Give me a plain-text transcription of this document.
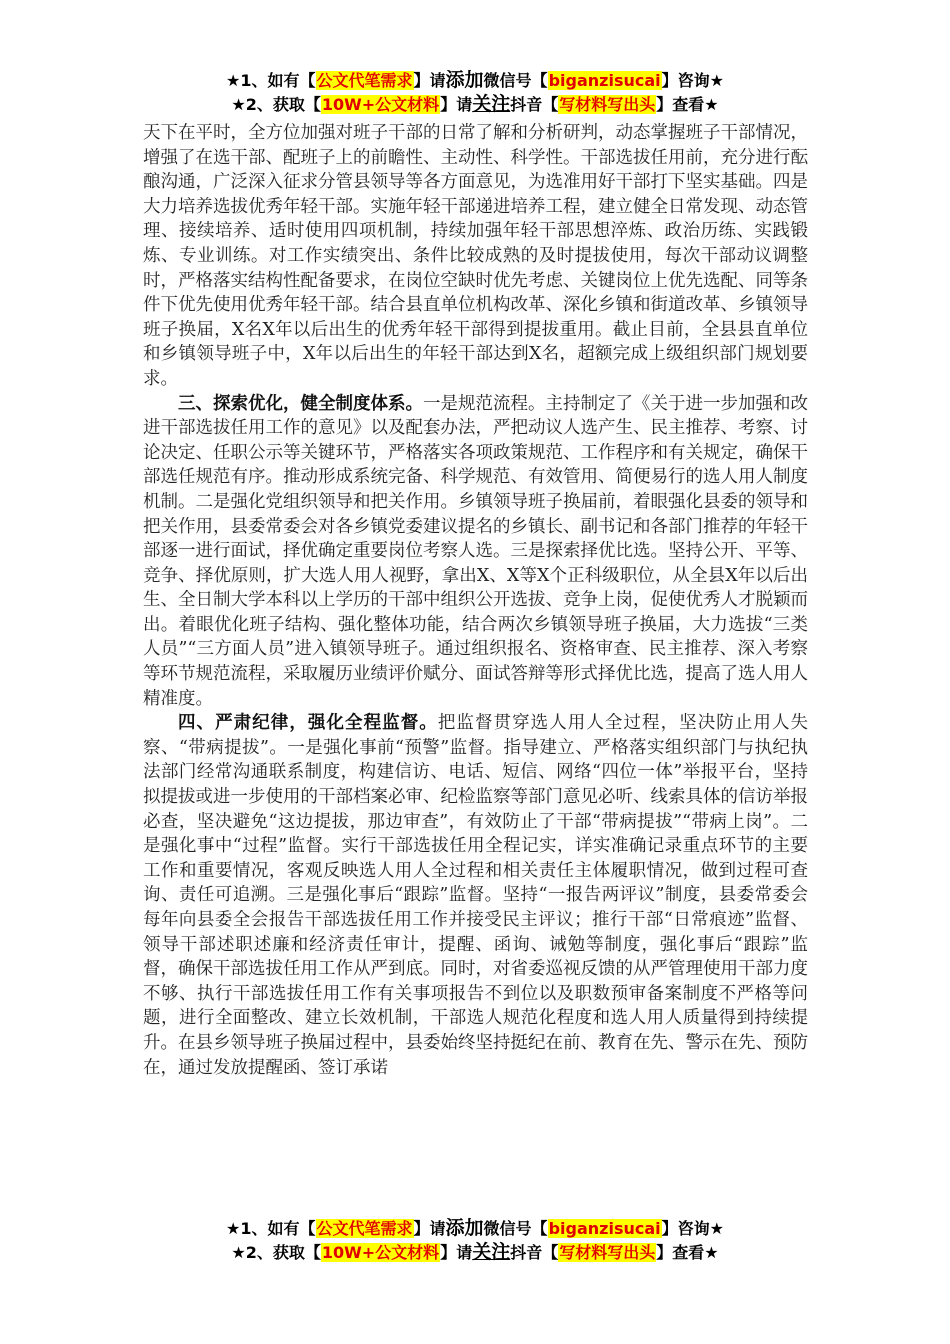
★1、如有【公文代笔需求】请添加微信号【biganzisucai】咨询★
★2、获取【10W+公文材料】请关注抖音【写材料写出头】查看★

天下在平时，全方位加强对班子干部的日常了解和分析研判，动态掌握班子干部情况，增强了在选干部、配班子上的前瞻性、主动性、科学性。干部选拔任用前，充分进行酝酿沟通，广泛深入征求分管县领导等各方面意见，为选准用好干部打下坚实基础。四是大力培养选拔优秀年轻干部。实施年轻干部递进培养工程，建立健全日常发现、动态管理、接续培养、适时使用四项机制，持续加强年轻干部思想淬炼、政治历练、实践锻炼、专业训练。对工作实绩突出、条件比较成熟的及时提拔使用，每次干部动议调整时，严格落实结构性配备要求，在岗位空缺时优先考虑、关键岗位上优先选配、同等条件下优先使用优秀年轻干部。结合县直单位机构改革、深化乡镇和街道改革、乡镇领导班子换届，X名X年以后出生的优秀年轻干部得到提拔重用。截止目前，全县县直单位和乡镇领导班子中，X年以后出生的年轻干部达到X名，超额完成上级组织部门规划要求。

三、探索优化，健全制度体系。一是规范流程。主持制定了《关于进一步加强和改进干部选拔任用工作的意见》以及配套办法，严把动议人选产生、民主推荐、考察、讨论决定、任职公示等关键环节，严格落实各项政策规范、工作程序和有关规定，确保干部选任规范有序。推动形成系统完备、科学规范、有效管用、简便易行的选人用人制度机制。二是强化党组织领导和把关作用。乡镇领导班子换届前，着眼强化县委的领导和把关作用，县委常委会对各乡镇党委建议提名的乡镇长、副书记和各部门推荐的年轻干部逐一进行面试，择优确定重要岗位考察人选。三是探索择优比选。坚持公开、平等、竞争、择优原则，扩大选人用人视野，拿出X、X等X个正科级职位，从全县X年以后出生、全日制大学本科以上学历的干部中组织公开选拔、竞争上岗，促使优秀人才脱颖而出。着眼优化班子结构、强化整体功能，结合两次乡镇领导班子换届，大力选拔“三类人员”“三方面人员”进入镇领导班子。通过组织报名、资格审查、民主推荐、深入考察等环节规范流程，采取履历业绩评价赋分、面试答辩等形式择优比选，提高了选人用人精准度。

四、严肃纪律，强化全程监督。把监督贯穿选人用人全过程，坚决防止用人失察、“带病提拔”。一是强化事前“预警”监督。指导建立、严格落实组织部门与执纪执法部门经常沟通联系制度，构建信访、电话、短信、网络“四位一体”举报平台，坚持拟提拔或进一步使用的干部档案必审、纪检监察等部门意见必听、线索具体的信访举报必查，坚决避免“这边提拔，那边审查”，有效防止了干部“带病提拔”“带病上岗”。二是强化事中“过程”监督。实行干部选拔任用全程记实，详实准确记录重点环节的主要工作和重要情况，客观反映选人用人全过程和相关责任主体履职情况，做到过程可查询、责任可追溯。三是强化事后“跟踪”监督。坚持“一报告两评议”制度，县委常委会每年向县委全会报告干部选拔任用工作并接受民主评议；推行干部“日常痕迹”监督、领导干部述职述廉和经济责任审计，提醒、函询、诫勉等制度，强化事后“跟踪”监督，确保干部选拔任用工作从严到底。同时，对省委巡视反馈的从严管理使用干部力度不够、执行干部选拔任用工作有关事项报告不到位以及职数预审备案制度不严格等问题，进行全面整改、建立长效机制，干部选人规范化程度和选人用人质量得到持续提升。在县乡领导班子换届过程中，县委始终坚持挺纪在前、教育在先、警示在先、预防在，通过发放提醒函、签订承诺

★1、如有【公文代笔需求】请添加微信号【biganzisucai】咨询★
★2、获取【10W+公文材料】请关注抖音【写材料写出头】查看★
